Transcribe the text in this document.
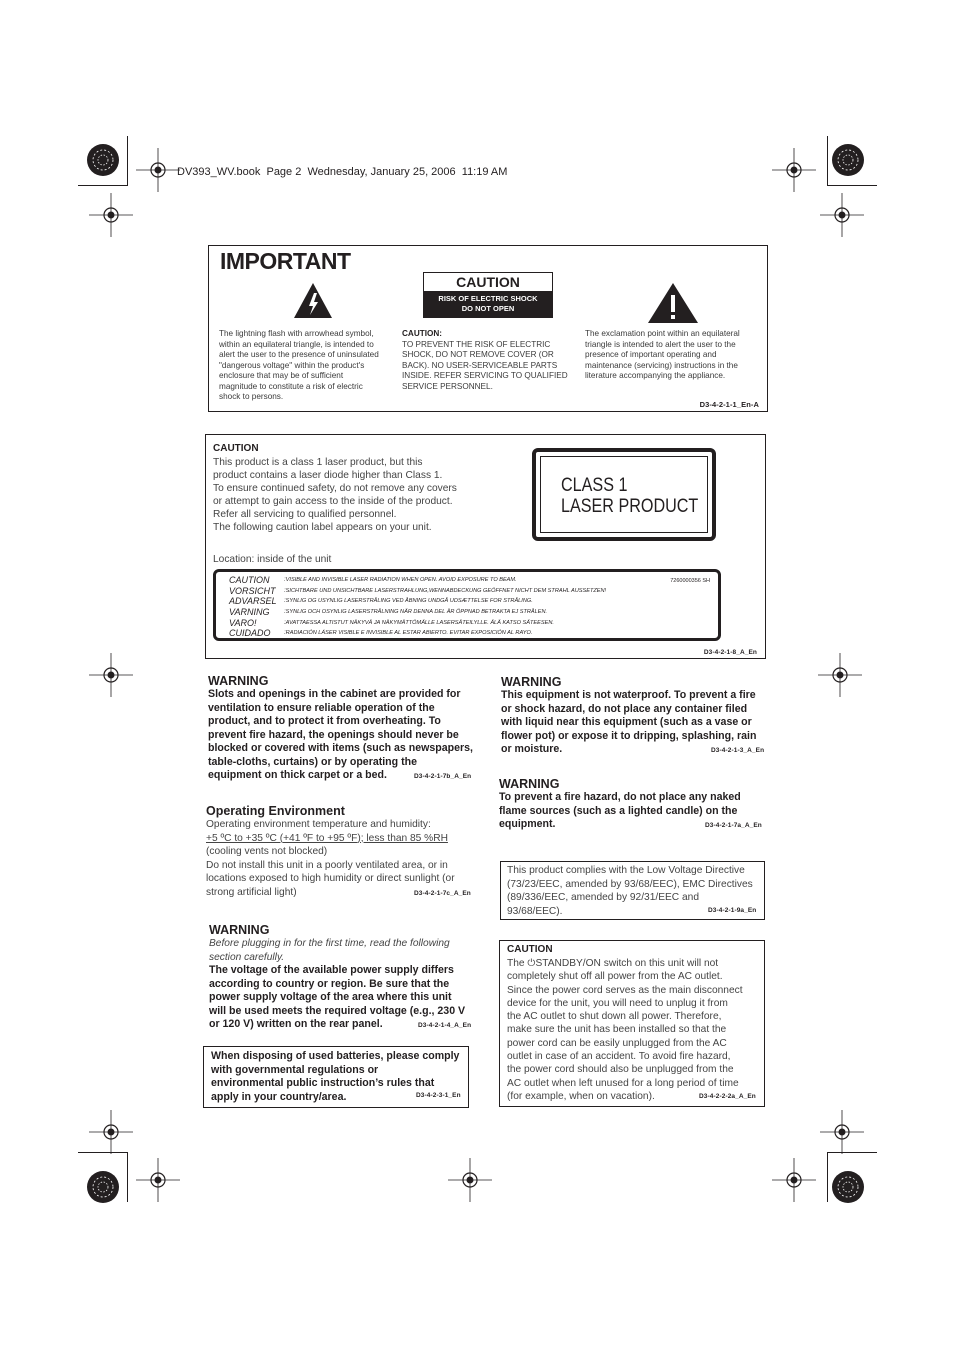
DV393_WV.book  Page 2  Wednesday, January 25, 2006  11:19 AM
IMPORTANT
CAUTION
RISK OF ELECTRIC SHOCK
DO NOT OPEN
The lightning flash with arrowhead symbol,
within an equilateral triangle, is intended to
alert the user to the presence of uninsulated
"dangerous voltage" within the product's
enclosure that may be of sufficient
magnitude to constitute a risk of electric
shock to persons.
CAUTION:
TO PREVENT THE RISK OF ELECTRIC
SHOCK, DO NOT REMOVE COVER (OR
BACK). NO USER-SERVICEABLE PARTS
INSIDE. REFER SERVICING TO QUALIFIED
SERVICE PERSONNEL.
The exclamation point within an equilateral
triangle is intended to alert the user to the
presence of important operating and
maintenance (servicing) instructions in the
literature accompanying the appliance.
D3-4-2-1-1_En-A
CAUTION
This product is a class 1 laser product, but this
product contains a laser diode higher than Class 1.
To ensure continued safety, do not remove any covers
or attempt to gain access to the inside of the product.
Refer all servicing to qualified personnel.
The following caution label appears on your unit.
CLASS 1
LASER PRODUCT
Location: inside of the unit
7260000356 SH
CAUTION	: VISIBLE AND INVISIBLE LASER RADIATION WHEN OPEN. AVOID EXPOSURE TO BEAM.
VORSICHT	: SICHTBARE UND UNSICHTBARE LASERSTRAHLUNG,WENNABDECKUNG GEÖFFNET NICHT DEM STRAHL AUSSETZEN!
ADVARSEL	: SYNLIG OG USYNLIG LASERSTRÅLING VED ÅBNING UNDGÅ UDSÆTTELSE FOR STRÅLING.
VARNING	: SYNLIG OCH OSYNLIG LASERSTRÅLNING NÄR DENNA DEL ÄR ÖPPNAD BETRAKTA EJ STRÅLEN.
VARO!	: AVATTAESSA ALTISTUT NÄKYVÄ JA NÄKYMÄTTÖMÄLLE LASERSÄTEILYLLE. ÄLÄ KATSO SÄTEESEN.
CUIDADO	: RADIACIÓN LÁSER VISIBLE E INVISIBLE AL ESTAR ABIERTO. EVITAR EXPOSICIÓN AL RAYO.
D3-4-2-1-8_A_En
WARNING
Slots and openings in the cabinet are provided for
ventilation to ensure reliable operation of the
product, and to protect it from overheating. To
prevent fire hazard, the openings should never be
blocked or covered with items (such as newspapers,
table-cloths, curtains) or by operating the
equipment on thick carpet or a bed.	D3-4-2-1-7b_A_En
Operating Environment
Operating environment temperature and humidity:
+5 ºC to +35 ºC (+41 ºF to +95 ºF); less than 85 %RH
(cooling vents not blocked)
Do not install this unit in a poorly ventilated area, or in
locations exposed to high humidity or direct sunlight (or
strong artificial light)	D3-4-2-1-7c_A_En
WARNING
Before plugging in for the first time, read the following
section carefully.
The voltage of the available power supply differs
according to country or region. Be sure that the
power supply voltage of the area where this unit
will be used meets the required voltage (e.g., 230 V
or 120 V) written on the rear panel.	D3-4-2-1-4_A_En
When disposing of used batteries, please comply
with governmental regulations or
environmental public instruction’s rules that
apply in your country/area.	D3-4-2-3-1_En
WARNING
This equipment is not waterproof. To prevent a fire
or shock hazard, do not place any container filed
with liquid near this equipment (such as a vase or
flower pot) or expose it to dripping, splashing, rain
or moisture.	D3-4-2-1-3_A_En
WARNING
To prevent a fire hazard, do not place any naked
flame sources (such as a lighted candle) on the
equipment.	D3-4-2-1-7a_A_En
This product complies with the Low Voltage Directive
(73/23/EEC, amended by 93/68/EEC), EMC Directives
(89/336/EEC, amended by 92/31/EEC and
93/68/EEC).	D3-4-2-1-9a_En
CAUTION
The ⏻STANDBY/ON switch on this unit will not
completely shut off all power from the AC outlet.
Since the power cord serves as the main disconnect
device for the unit, you will need to unplug it from
the AC outlet to shut down all power. Therefore,
make sure the unit has been installed so that the
power cord can be easily unplugged from the AC
outlet in case of an accident. To avoid fire hazard,
the power cord should also be unplugged from the
AC outlet when left unused for a long period of time
(for example, when on vacation).	D3-4-2-2-2a_A_En
